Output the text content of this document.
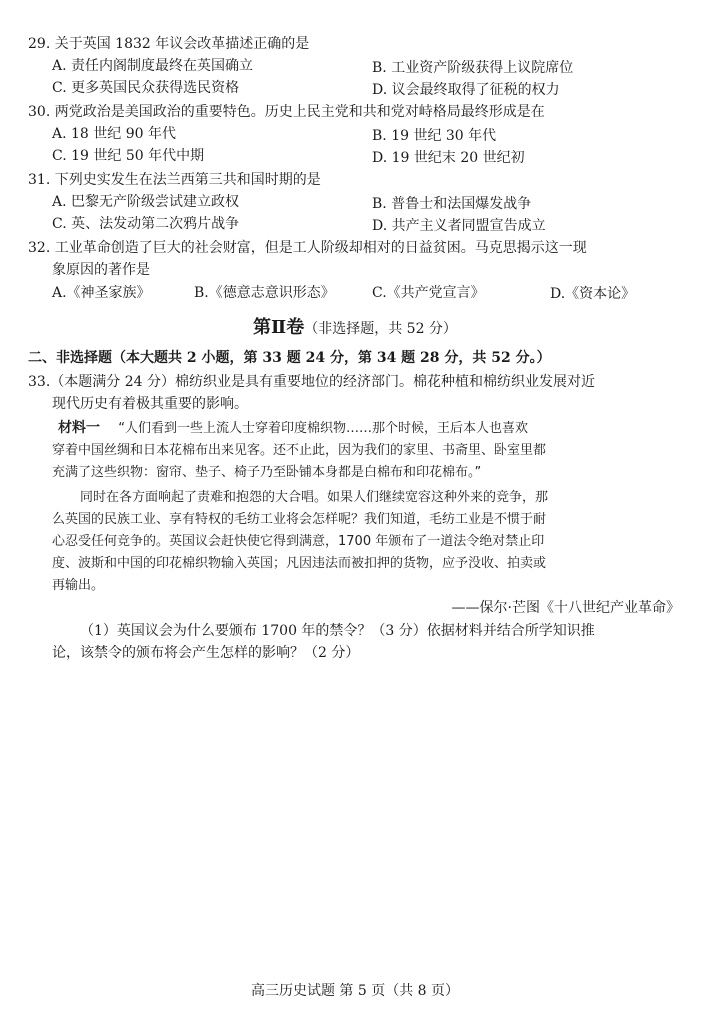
29. 关于英国 1832 年议会改革描述正确的是
A. 责任内阁制度最终在英国确立	B. 工业资产阶级获得上议院席位
C. 更多英国民众获得选民资格	D. 议会最终取得了征税的权力
30. 两党政治是美国政治的重要特色。历史上民主党和共和党对峙格局最终形成是在
A. 18 世纪 90 年代	B. 19 世纪 30 年代
C. 19 世纪 50 年代中期	D. 19 世纪末 20 世纪初
31. 下列史实发生在法兰西第三共和国时期的是
A. 巴黎无产阶级尝试建立政权	B. 普鲁士和法国爆发战争
C. 英、法发动第二次鸦片战争	D. 共产主义者同盟宣告成立
32. 工业革命创造了巨大的社会财富，但是工人阶级却相对的日益贫困。马克思揭示这一现
象原因的著作是
A.《神圣家族》	B.《德意志意识形态》	C.《共产党宣言》	D.《资本论》
第Ⅱ卷（非选择题，共 52 分）
二、非选择题（本大题共 2 小题，第 33 题 24 分，第 34 题 28 分，共 52 分。）
33.（本题满分 24 分）棉纺织业是具有重要地位的经济部门。棉花种植和棉纺织业发展对近
现代历史有着极其重要的影响。
材料一 “人们看到一些上流人士穿着印度棉织物……那个时候，王后本人也喜欢
穿着中国丝绸和日本花棉布出来见客。还不止此，因为我们的家里、书斋里、卧室里都
充满了这些织物：窗帘、垫子、椅子乃至卧铺本身都是白棉布和印花棉布。”
同时在各方面响起了责难和抱怨的大合唱。如果人们继续宽容这种外来的竞争，那
么英国的民族工业、享有特权的毛纺工业将会怎样呢？我们知道，毛纺工业是不惯于耐
心忍受任何竞争的。英国议会赶快使它得到满意，1700 年颁布了一道法令绝对禁止印
度、波斯和中国的印花棉织物输入英国；凡因违法而被扣押的货物，应予没收、拍卖或
再输出。
——保尔·芒图《十八世纪产业革命》
（1）英国议会为什么要颁布 1700 年的禁令？（3 分）依据材料并结合所学知识推
论，该禁令的颁布将会产生怎样的影响？（2 分）
高三历史试题 第 5 页（共 8 页）
